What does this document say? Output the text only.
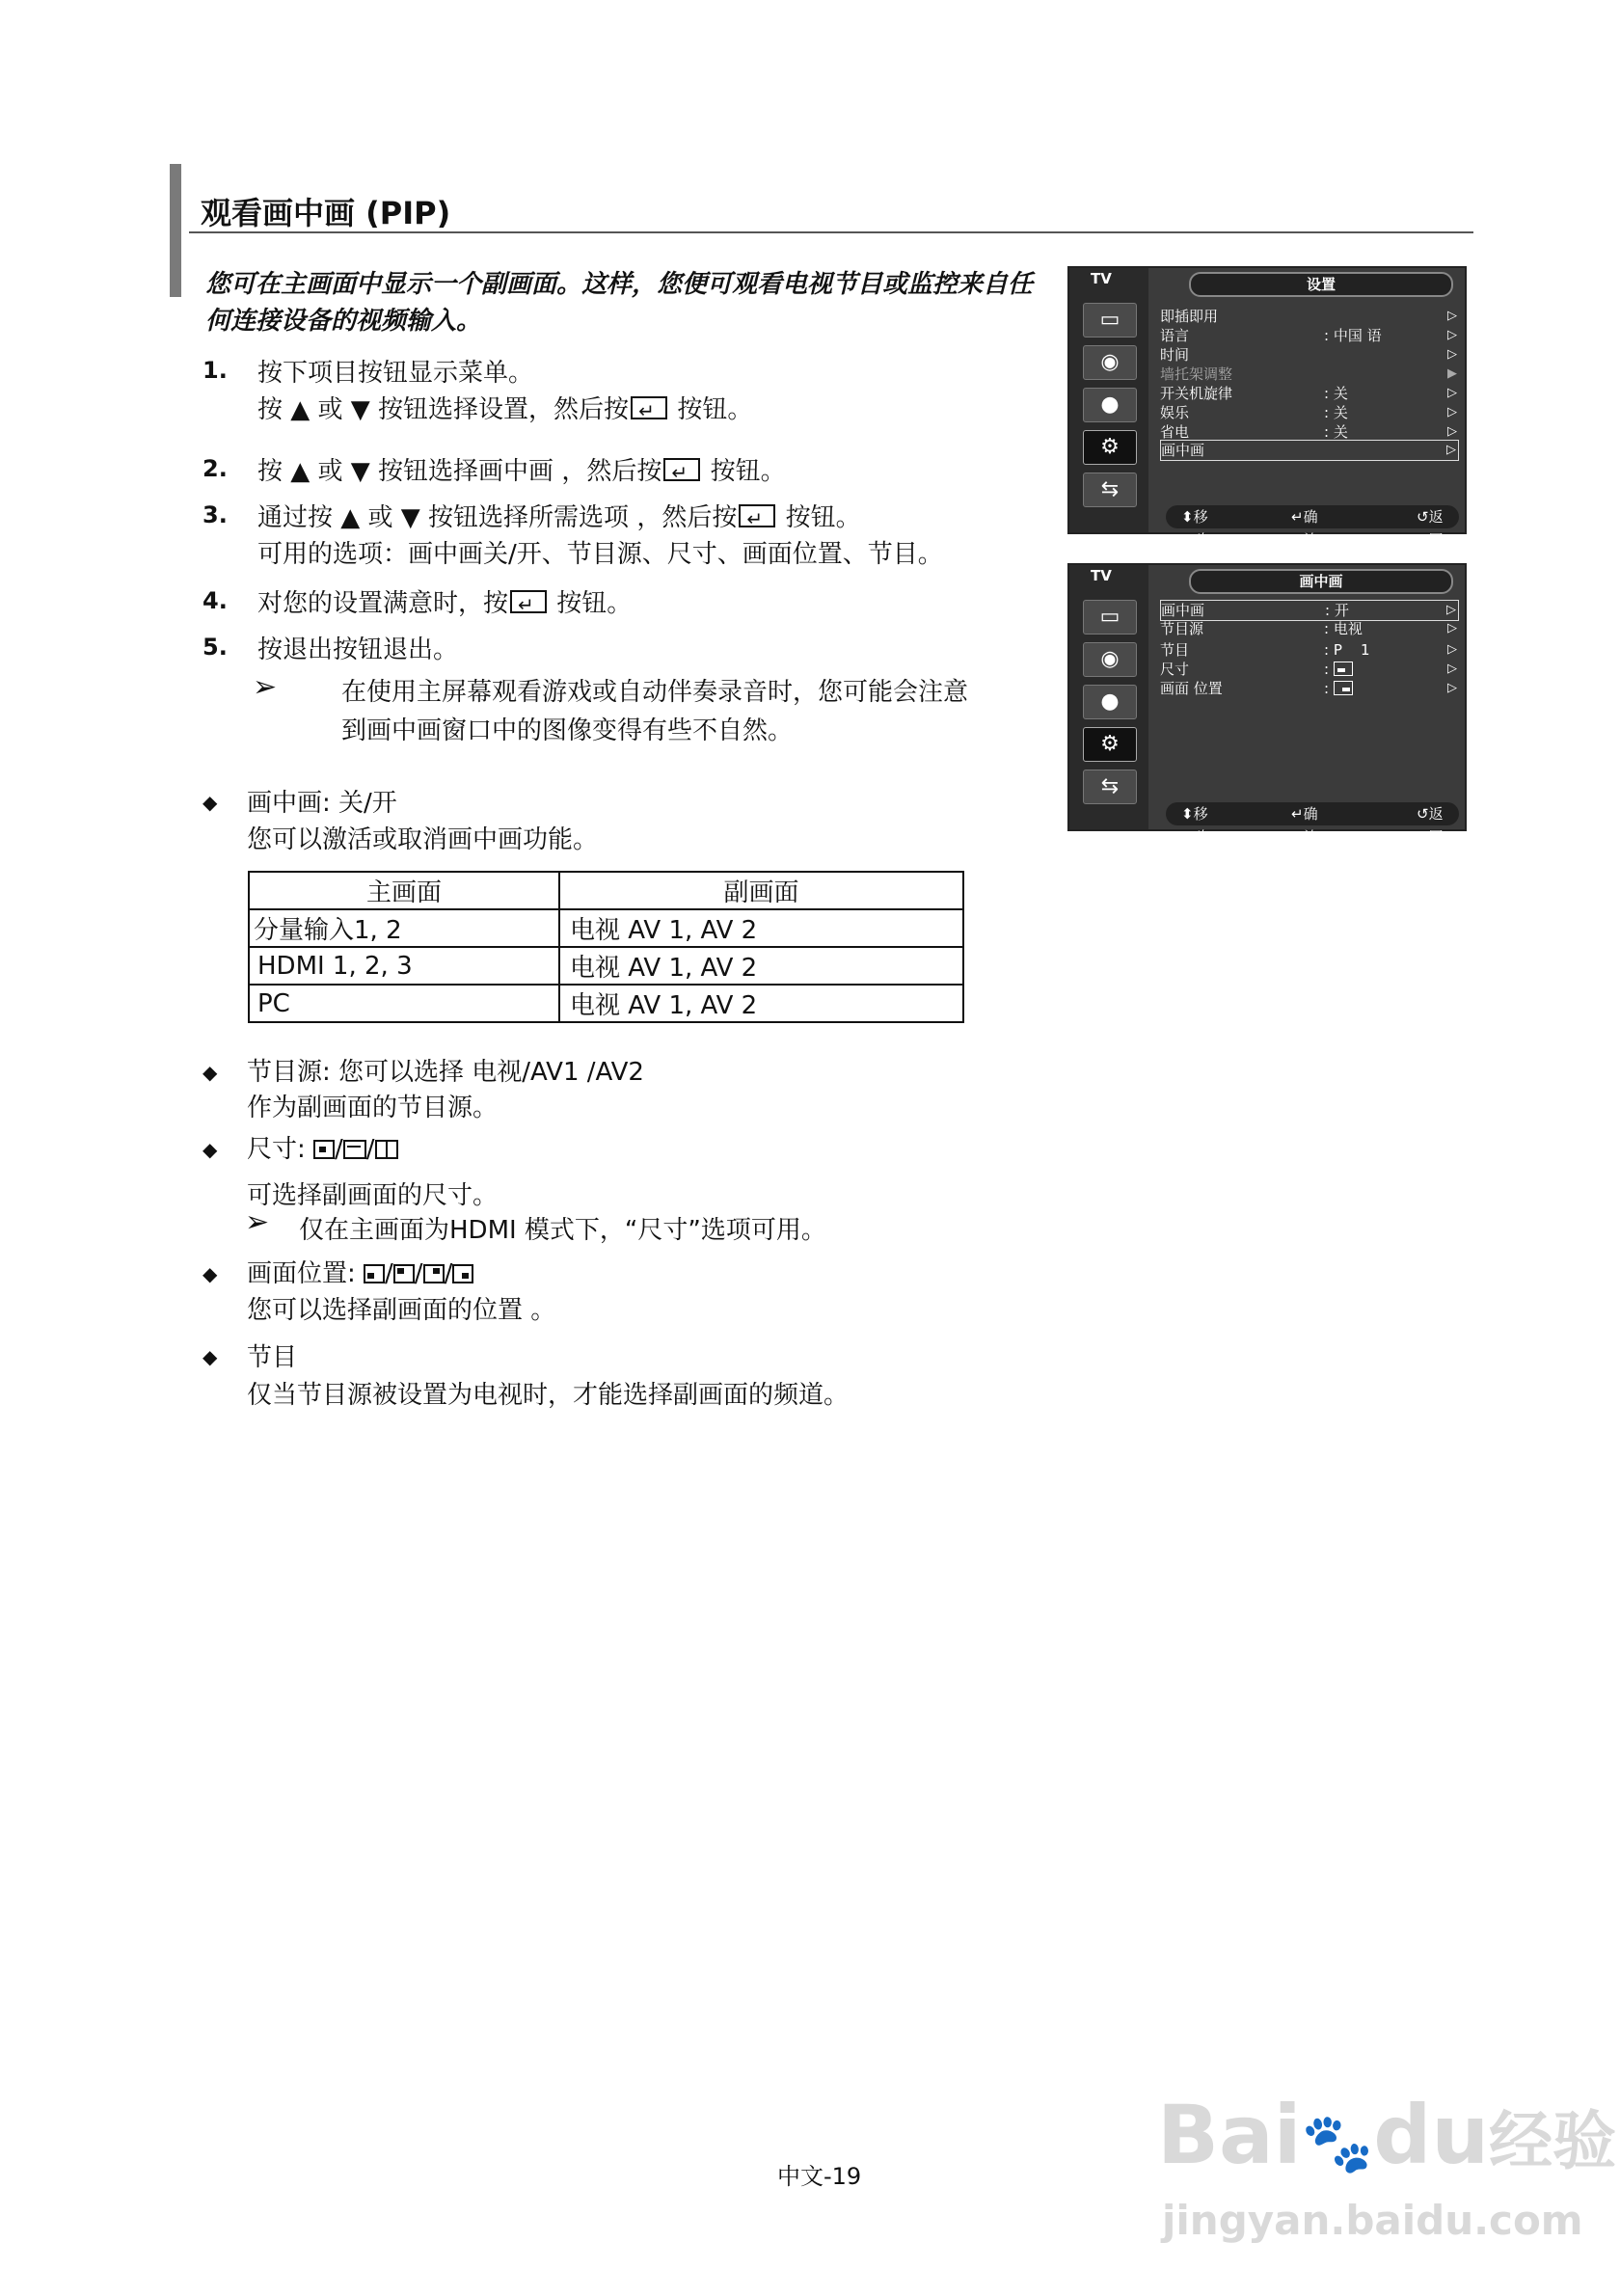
观看画中画 (PIP)
您可在主画面中显示一个副画面。这样，您便可观看电视节目或监控来自任何连接设备的视频输入。
1. 按下项目按钮显示菜单。
按 ▲ 或 ▼ 按钮选择设置，然后按↵ 按钮。
2. 按 ▲ 或 ▼ 按钮选择画中画 ，然后按↵ 按钮。
3. 通过按 ▲ 或 ▼ 按钮选择所需选项 ，然后按↵ 按钮。
可用的选项：画中画关/开、节目源、尺寸、画面位置、节目。
4. 对您的设置满意时，按↵ 按钮。
5. 按退出按钮退出。
➢	在使用主屏幕观看游戏或自动伴奏录音时，您可能会注意到画中画窗口中的图像变得有些不自然。
◆ 画中画: 关/开
您可以激活或取消画中画功能。
主画面	副画面
分量输入1, 2	电视 AV 1, AV 2
HDMI 1, 2, 3	电视 AV 1, AV 2
PC	电视 AV 1, AV 2
◆ 节目源: 您可以选择 电视/AV1 /AV2
作为副画面的节目源。
◆ 尺寸:
/ /
可选择副画面的尺寸。
➢ 仅在主画面为HDMI 模式下，“尺寸”选项可用。
◆ 画面位置:
/ / /
您可以选择副画面的位置 。
◆ 节目
仅当节目源被设置为电视时，才能选择副画面的频道。
TV
▭
◉
●
⚙
⇆
设置
即插即用	▷
语言	: 中国 语	▷
时间	▷
墙托架调整	▶
开关机旋律	: 关	▷
娱乐	: 关	▷
省电	: 关	▷
画中画	▷
⬍ 移动
↵ 确认
↺ 返回
TV
▭
◉
●
⚙
⇆
画中画
画中画	: 开	▷
节目源	: 电视	▷
节目	: P    1	▷
尺寸	:	▷
画面 位置	:	▷
⬍ 移动
↵ 确认
↺ 返回
中文-19	Bai🐾du经验
jingyan.baidu.com
